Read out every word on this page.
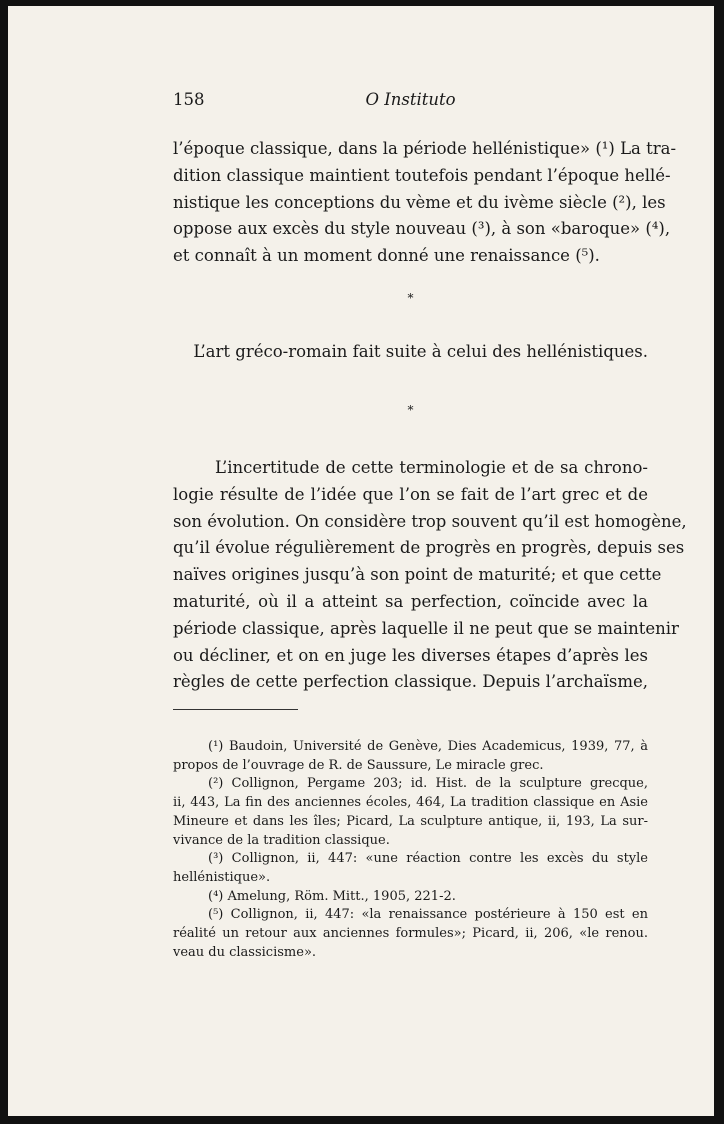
158	O Instituto

l’époque classique, dans la période hellénistique» (¹) La tra-
dition classique maintient toutefois pendant l’époque hellé-
nistique les conceptions du vème et du ivème siècle (²), les
oppose aux excès du style nouveau (³), à son «baroque» (⁴),
et connaît à un moment donné une renaissance (⁵).

*
L’art gréco-romain fait suite à celui des hellénistiques.
*

L’incertitude de cette terminologie et de sa chrono-
logie résulte de l’idée que l’on se fait de l’art grec et de
son évolution. On considère trop souvent qu’il est homogène,
qu’il évolue régulièrement de progrès en progrès, depuis ses
naïves origines jusqu’à son point de maturité; et que cette
maturité, où il a atteint sa perfection, coïncide avec la
période classique, après laquelle il ne peut que se maintenir
ou décliner, et on en juge les diverses étapes d’après les
règles de cette perfection classique. Depuis l’archaïsme,

(¹) Baudoin, Université de Genève, Dies Academicus, 1939, 77, à
propos de l’ouvrage de R. de Saussure, Le miracle grec.
(²) Collignon, Pergame 203; id. Hist. de la sculpture grecque,
ii, 443, La fin des anciennes écoles, 464, La tradition classique en Asie
Mineure et dans les îles; Picard, La sculpture antique, ii, 193, La sur-
vivance de la tradition classique.
(³) Collignon, ii, 447: «une réaction contre les excès du style
hellénistique».
(⁴) Amelung, Röm. Mitt., 1905, 221-2.
(⁵) Collignon, ii, 447: «la renaissance postérieure à 150 est en
réalité un retour aux anciennes formules»; Picard, ii, 206, «le renou.
veau du classicisme».
